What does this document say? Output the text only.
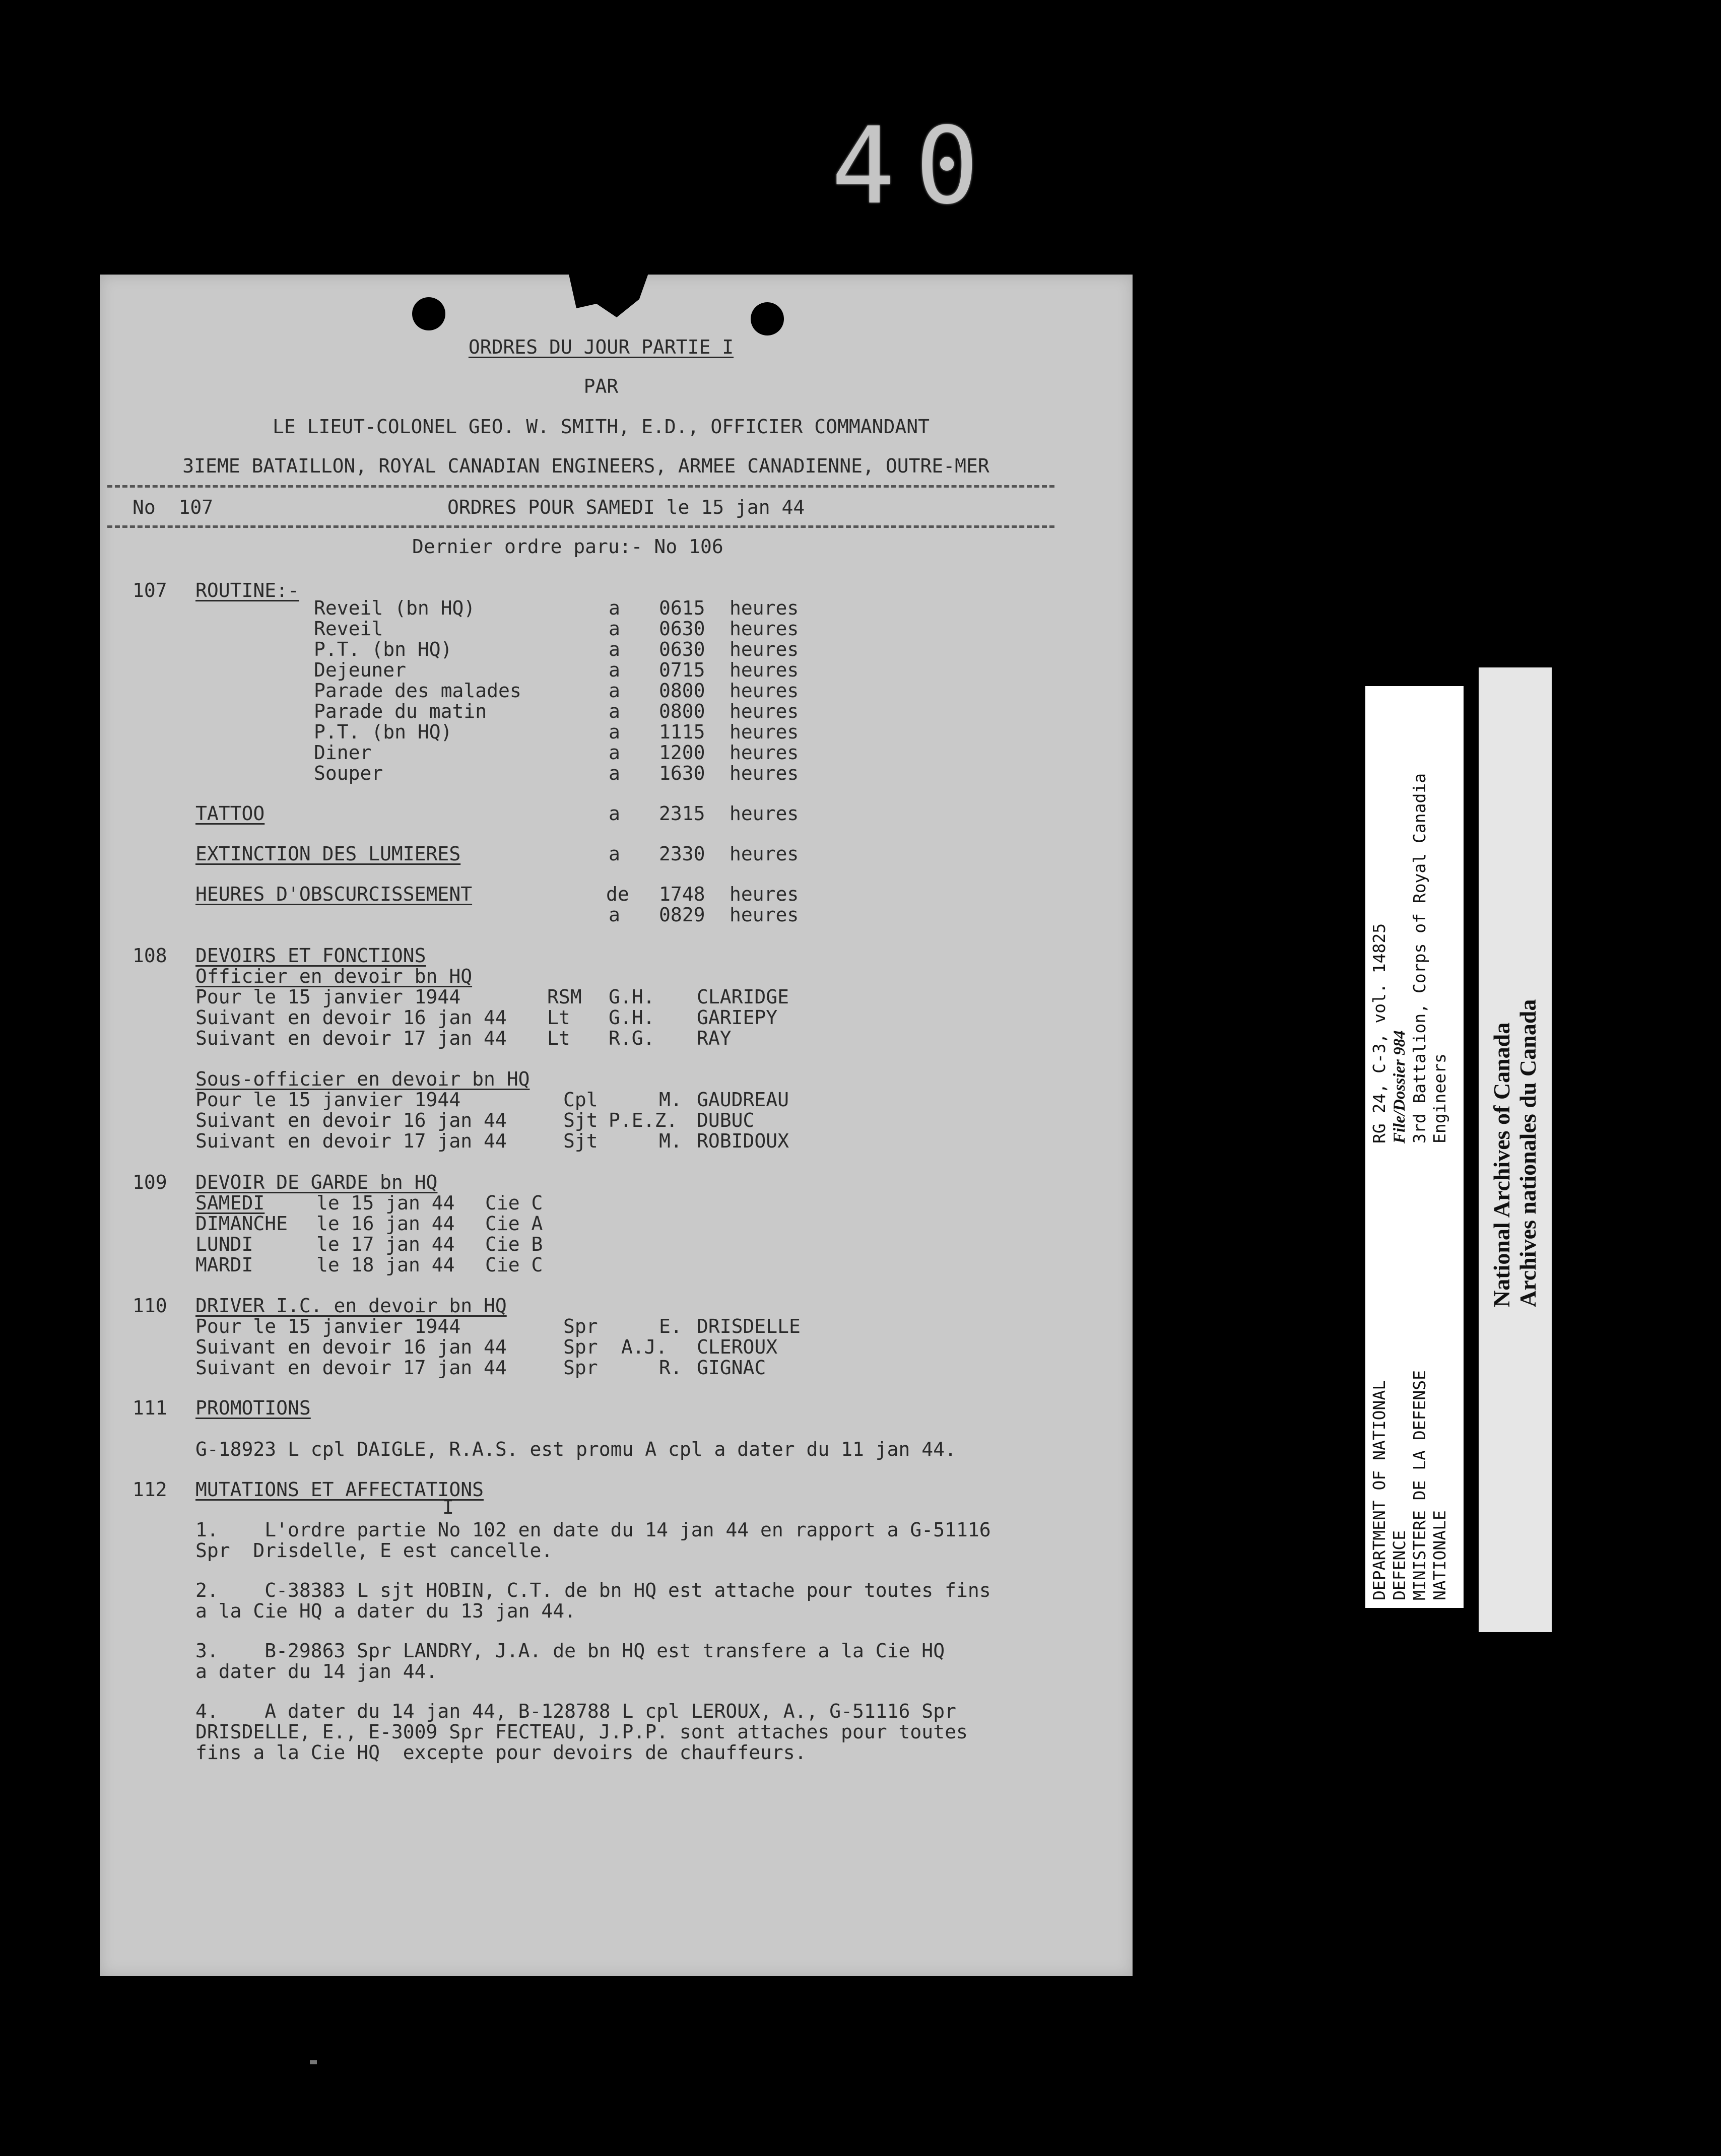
40
ORDRES DU JOUR PARTIE I
PAR
LE LIEUT-COLONEL GEO. W. SMITH, E.D., OFFICIER COMMANDANT
3IEME BATAILLON, ROYAL CANADIAN ENGINEERS, ARMEE CANADIENNE, OUTRE-MER
No  107	ORDRES POUR SAMEDI le 15 jan 44
Dernier ordre paru:- No 106
107 ROUTINE:-
Reveil (bn HQ)	a 0615 heures
Reveil	a 0630 heures
P.T. (bn HQ)	a 0630 heures
Dejeuner	a 0715 heures
Parade des malades	a 0800 heures
Parade du matin	a 0800 heures
P.T. (bn HQ)	a 1115 heures
Diner	a 1200 heures
Souper	a 1630 heures
TATTOO	a 2315 heures
EXTINCTION DES LUMIERES	a 2330 heures
HEURES D'OBSCURCISSEMENT	de 1748 heures
a 0829 heures
108 DEVOIRS ET FONCTIONS
Officier en devoir bn HQ
Pour le 15 janvier 1944	RSM G.H. CLARIDGE
Suivant en devoir 16 jan 44 Lt G.H. GARIEPY
Suivant en devoir 17 jan 44 Lt R.G. RAY
Sous-officier en devoir bn HQ
Pour le 15 janvier 1944	Cpl	M. GAUDREAU
Suivant en devoir 16 jan 44	Sjt P.E.Z. DUBUC
Suivant en devoir 17 jan 44	Sjt	M. ROBIDOUX
109 DEVOIR DE GARDE bn HQ
SAMEDI	le 15 jan 44 Cie C
DIMANCHE le 16 jan 44 Cie A
LUNDI	le 17 jan 44 Cie B
MARDI	le 18 jan 44 Cie C
110 DRIVER I.C. en devoir bn HQ
Pour le 15 janvier 1944	Spr	E. DRISDELLE
Suivant en devoir 16 jan 44	Spr A.J. CLEROUX
Suivant en devoir 17 jan 44	Spr	R. GIGNAC
111 PROMOTIONS
G-18923 L cpl DAIGLE, R.A.S. est promu A cpl a dater du 11 jan 44.
112 MUTATIONS ET AFFECTATIONS
I
1.    L'ordre partie No 102 en date du 14 jan 44 en rapport a G-51116
Spr  Drisdelle, E est cancelle.
2.    C-38383 L sjt HOBIN, C.T. de bn HQ est attache pour toutes fins
a la Cie HQ a dater du 13 jan 44.
3.    B-29863 Spr LANDRY, J.A. de bn HQ est transfere a la Cie HQ
a dater du 14 jan 44.
4.    A dater du 14 jan 44, B-128788 L cpl LEROUX, A., G-51116 Spr
DRISDELLE, E., E-3009 Spr FECTEAU, J.P.P. sont attaches pour toutes
fins a la Cie HQ  excepte pour devoirs de chauffeurs.
DEPARTMENT OF NATIONAL DEFENCE MINISTERE DE LA DEFENSE NATIONALE
RG 24, C-3, vol. 14825 File/Dossier 984 3rd Battalion, Corps of Royal Canadia Engineers National Archives of Canada Archives nationales du Canada
